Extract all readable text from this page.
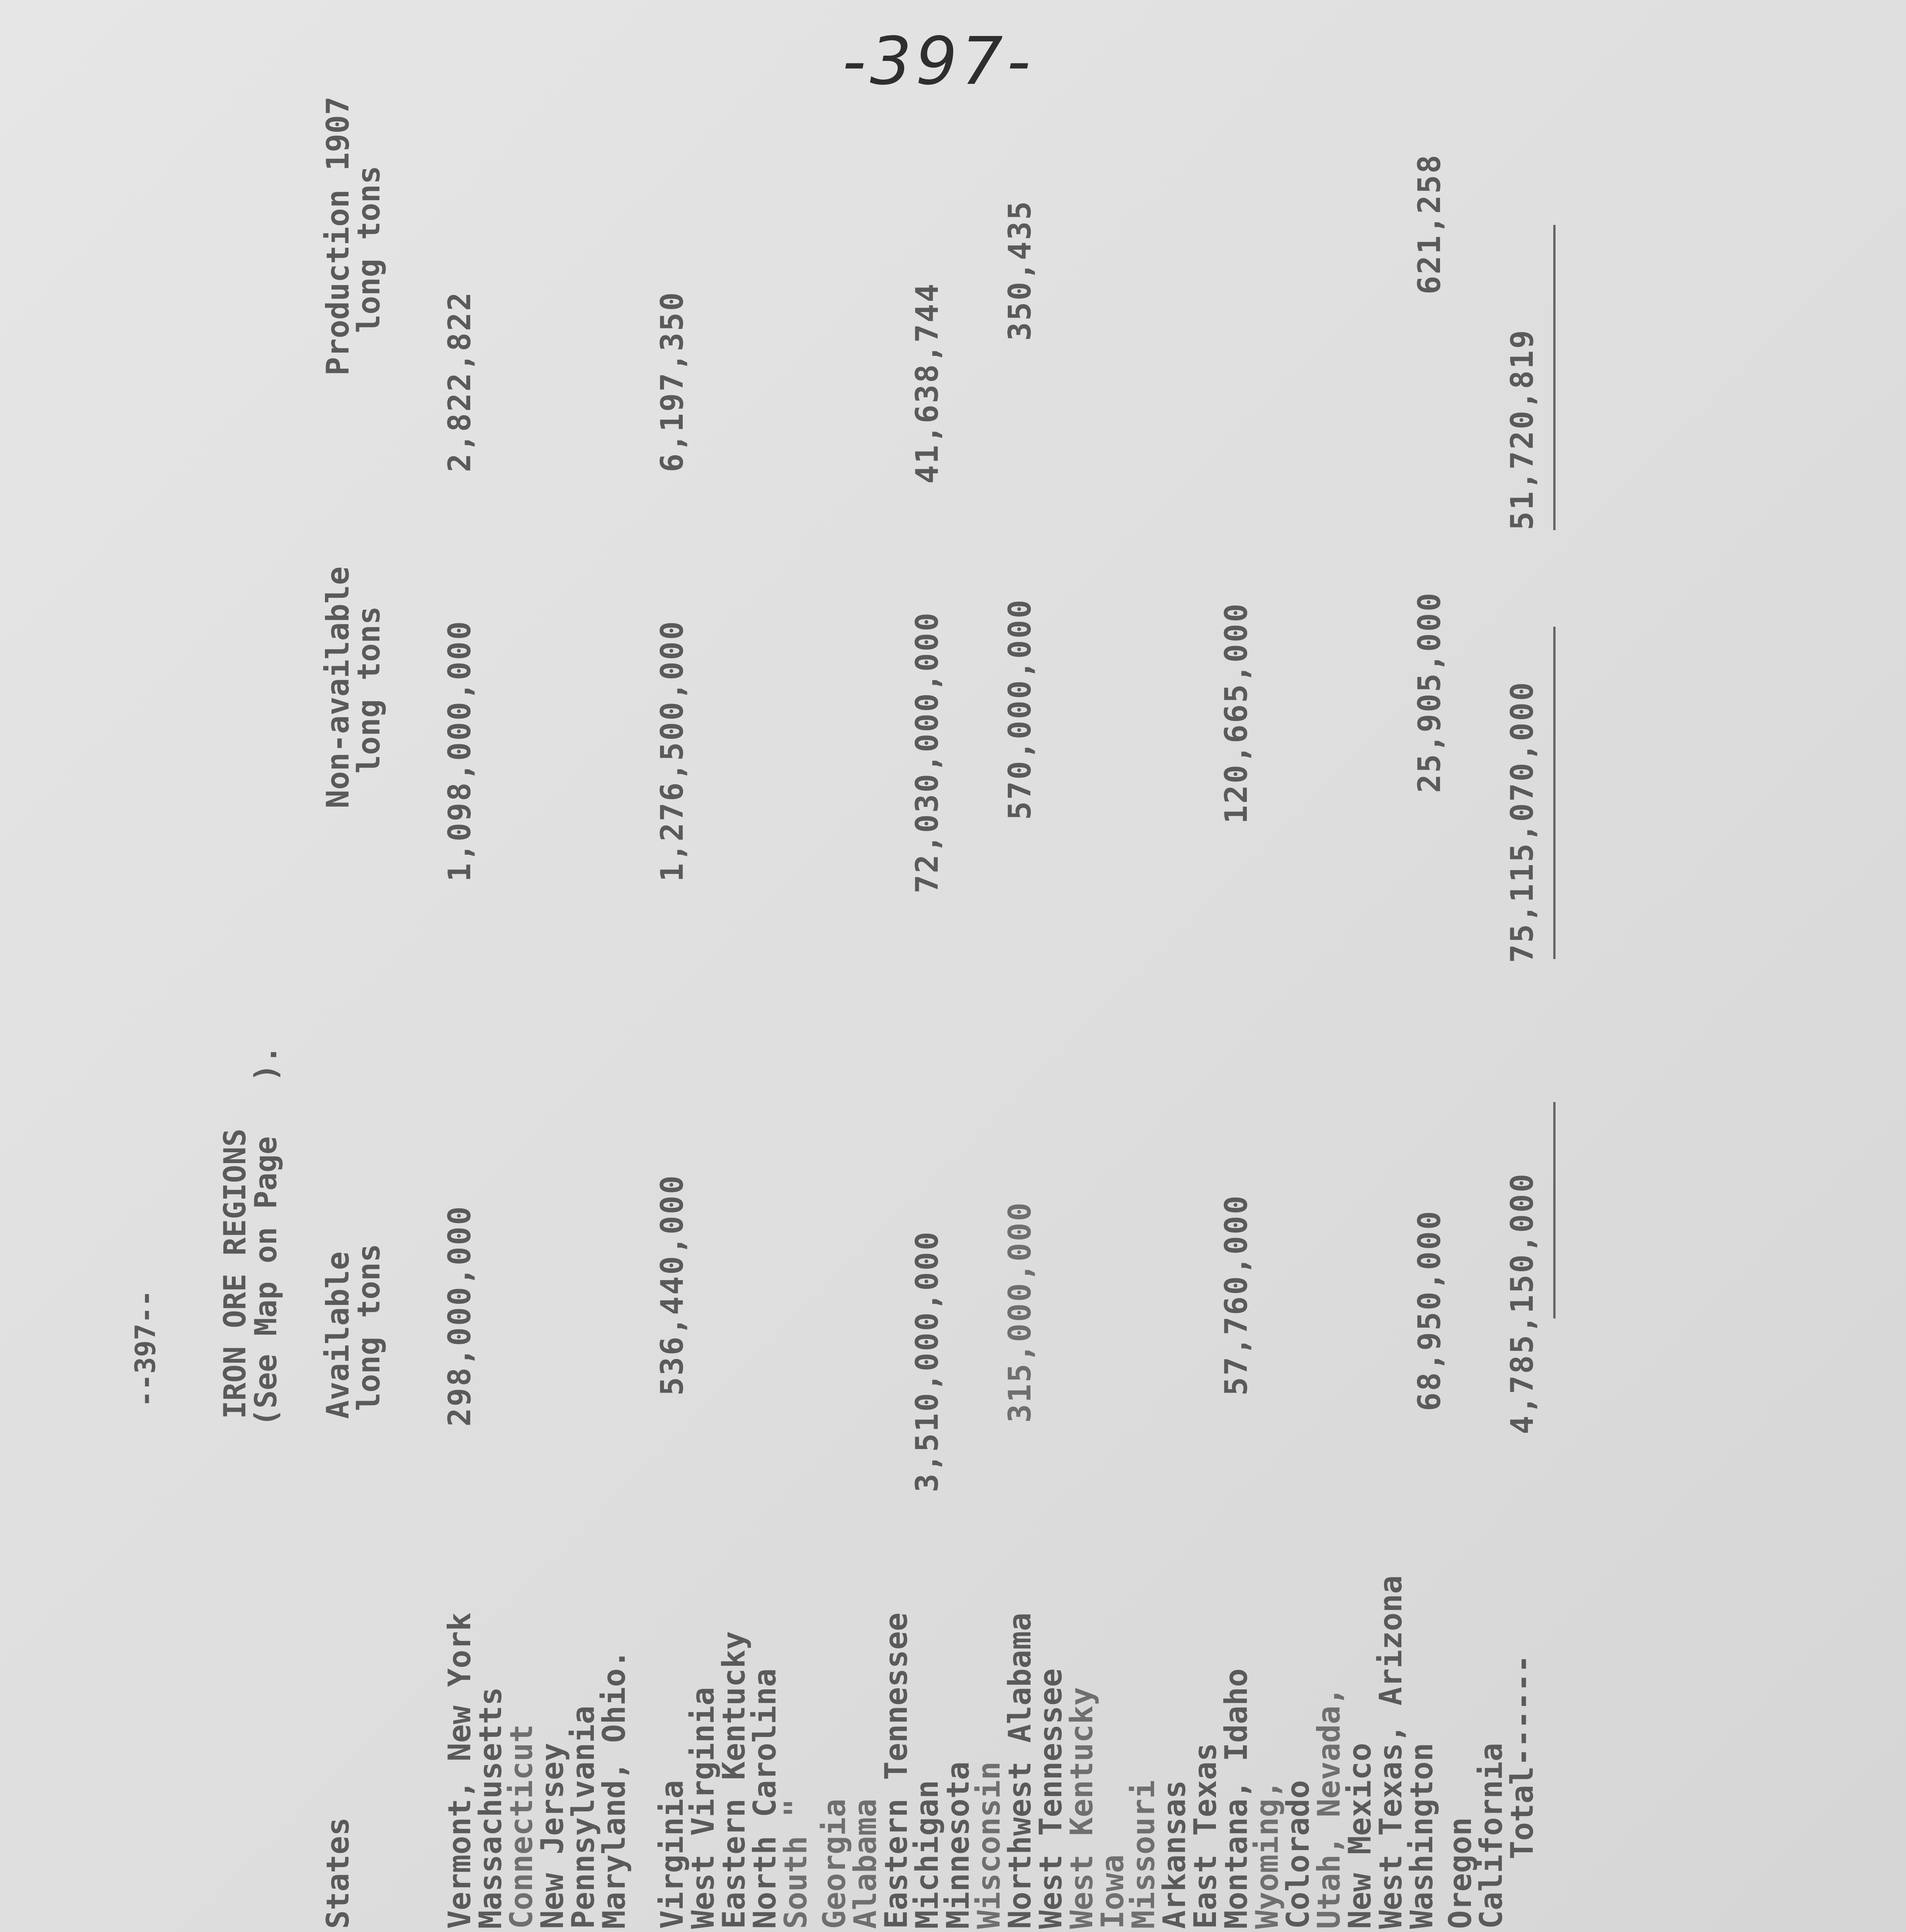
-397-
--397-- IRON ORE REGIONS
(See Map on Page   ).
States
Available
long tons
Non-available
long tons
Production 1907
long tons
Vermont, New York
Massachusetts
Connecticut
New Jersey
Pennsylvania
Maryland, Ohio.
298,000,000
1,098,000,000
2,822,822
Virginia
West Virginia
Eastern Kentucky
North Carolina
South " Georgia
Alabama
Eastern Tennessee
536,440,000
1,276,500,000
6,197,350
Michigan
Minnesota
Wisconsin
3,510,000,000
72,030,000,000
41,638,744
Northwest Alabama
West Tennessee
West Kentucky
Iowa
Missouri
Arkansas
East Texas
315,000,000
570,000,000
350,435
Montana, Idaho
Wyoming,
Colorado
Utah, Nevada,
New Mexico
West Texas, Arizona
57,760,000
120,665,000
Washington Oregon
California
68,950,000
25,905,000
621,258
Total------
4,785,150,000
75,115,070,000
51,720,819
